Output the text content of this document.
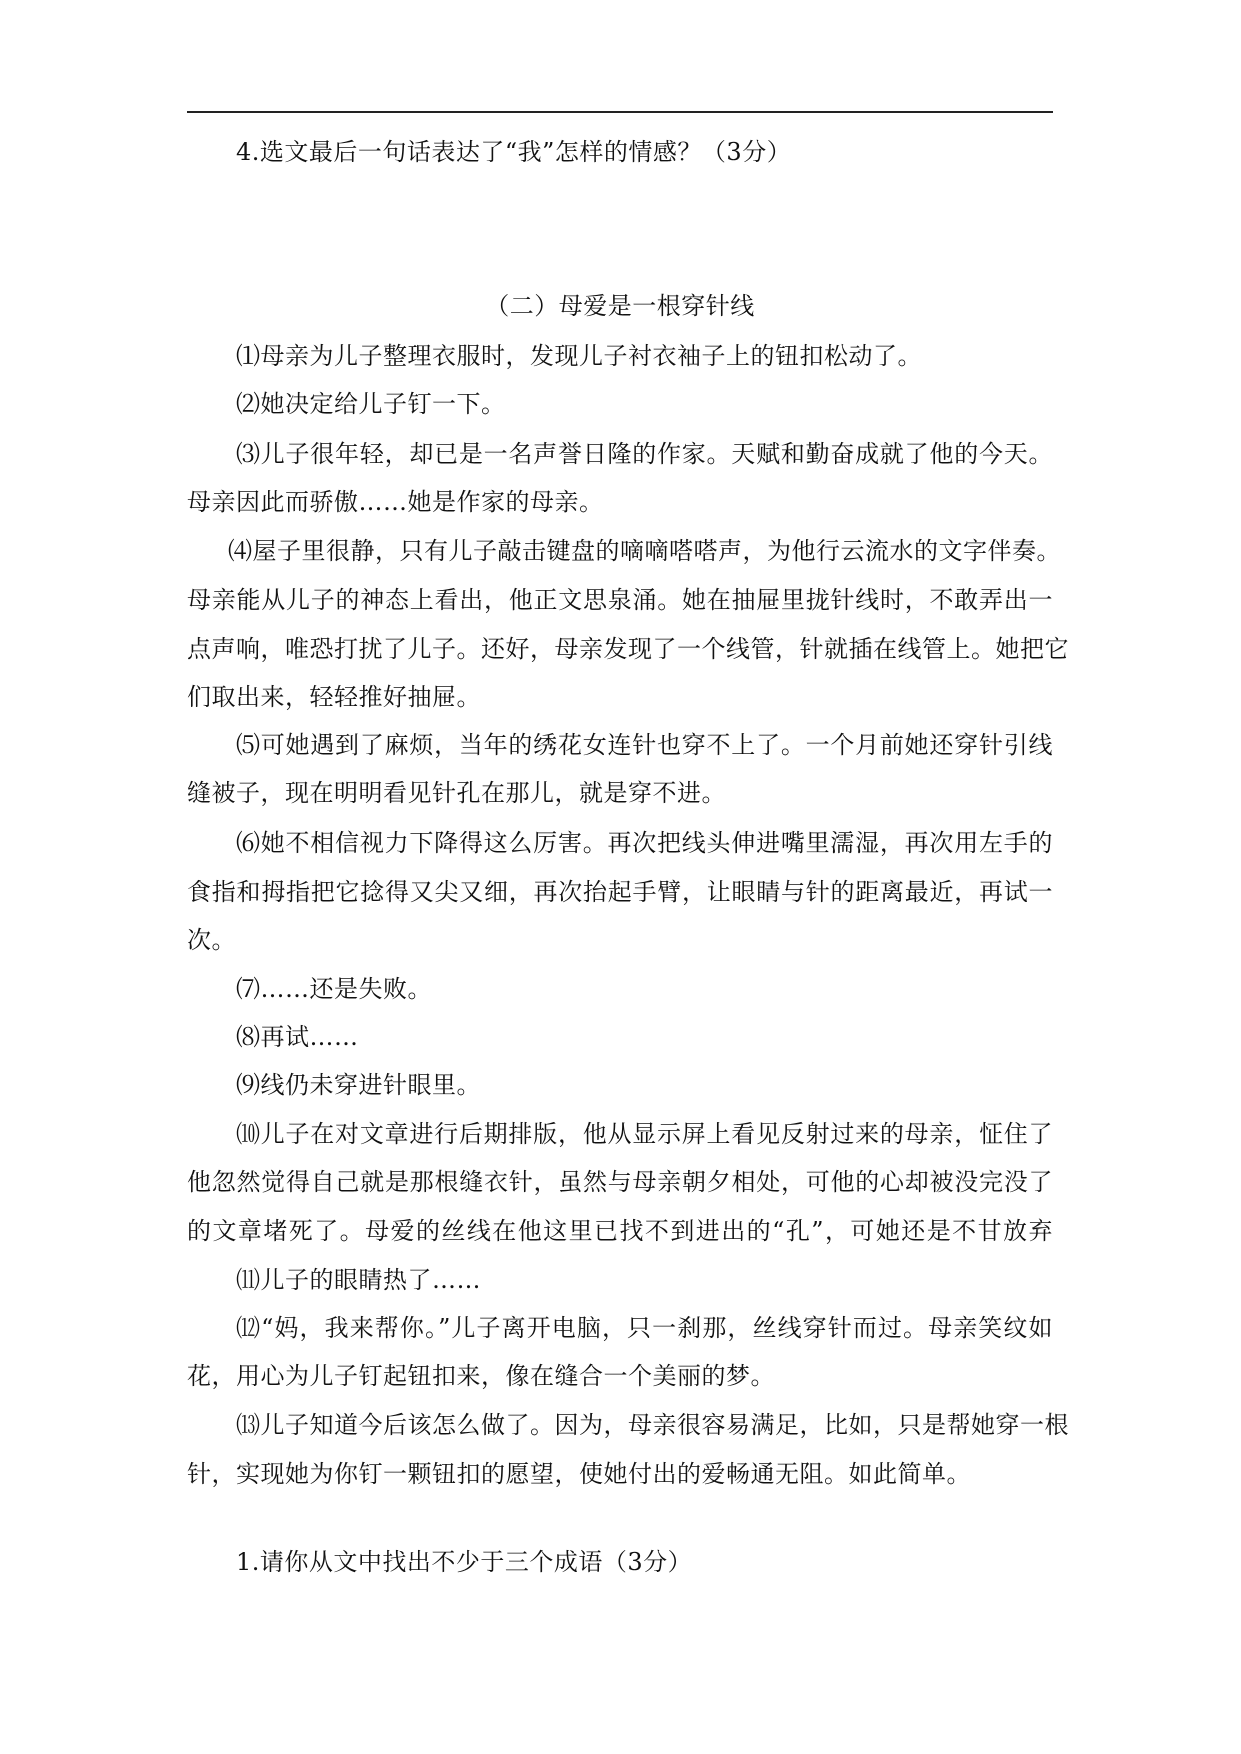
4.选文最后一句话表达了“我”怎样的情感？（3分）
（二）母爱是一根穿针线
⑴母亲为儿子整理衣服时，发现儿子衬衣袖子上的钮扣松动了。
⑵她决定给儿子钉一下。
⑶儿子很年轻，却已是一名声誉日隆的作家。天赋和勤奋成就了他的今天。
母亲因此而骄傲……她是作家的母亲。
⑷屋子里很静，只有儿子敲击键盘的嘀嘀嗒嗒声，为他行云流水的文字伴奏。
母亲能从儿子的神态上看出，他正文思泉涌。她在抽屉里拢针线时，不敢弄出一
点声响，唯恐打扰了儿子。还好，母亲发现了一个线管，针就插在线管上。她把它
们取出来，轻轻推好抽屉。
⑸可她遇到了麻烦，当年的绣花女连针也穿不上了。一个月前她还穿针引线
缝被子，现在明明看见针孔在那儿，就是穿不进。
⑹她不相信视力下降得这么厉害。再次把线头伸进嘴里濡湿，再次用左手的
食指和拇指把它捻得又尖又细，再次抬起手臂，让眼睛与针的距离最近，再试一
次。
⑺……还是失败。
⑻再试……
⑼线仍未穿进针眼里。
⑽儿子在对文章进行后期排版，他从显示屏上看见反射过来的母亲，怔住了
他忽然觉得自己就是那根缝衣针，虽然与母亲朝夕相处，可他的心却被没完没了
的文章堵死了。母爱的丝线在他这里已找不到进出的“孔”，可她还是不甘放弃
⑾儿子的眼睛热了……
⑿“妈，我来帮你。”儿子离开电脑，只一刹那，丝线穿针而过。母亲笑纹如
花，用心为儿子钉起钮扣来，像在缝合一个美丽的梦。
⒀儿子知道今后该怎么做了。因为，母亲很容易满足，比如，只是帮她穿一根
针，实现她为你钉一颗钮扣的愿望，使她付出的爱畅通无阻。如此简单。
1.请你从文中找出不少于三个成语（3分）
